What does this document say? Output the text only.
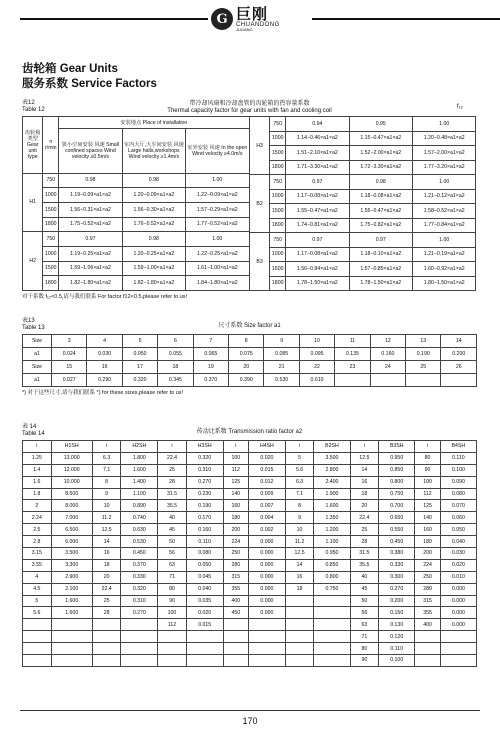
G 巨刚
CHUANDONG
JUGANG
齿轮箱 Gear Units
服务系数 Service Factors
表12
Table 12
带冷却风扇和冷却盘管的齿轮箱的热容量系数
Thermal capacity factor for gear units with fan and cooling coil
f₁₂
齿轮箱类型 Gear unit type	n r/min	安装地点 Place of installation		
		狭小空间安装 风速 Small confined spaces Wind velocity ≥0.5m/s	室内大厅,大车间安装 风速 Large halls,workshops Wind velocity ≥1.4m/s	室外安装 风速 In the open Wind velocity ≥4.0m/s
H1	750	0.98	0.98	1.00
	1000	1.19−0.09×a1×a2	1.20−0.09×a1×a2	1.22−0.09×a1×a2
	1500	1.56−0.31×a1×a2	1.56−0.30×a1×a2	1.57−0.29×a1×a2
	1800	1.75−0.52×a1×a2	1.76−0.52×a1×a2	1.77−0.52×a1×a2
H2	750	0.97	0.98	1.00
	1000	1.19−0.25×a1×a2	1.20−0.25×a1×a2	1.22−0.25×a1×a2
	1500	1.59−1.06×a1×a2	1.59−1.00×a1×a2	1.61−1.00×a1×a2
	1800	1.82−1.80×a1×a2	1.82−1.80×a1×a2	1.84−1.80×a1×a2
H3	750	0.94	0.95	1.00
	1000	1.14−0.46×a1×a2	1.15−0.47×a1×a2	1.20−0.48×a1×a2
	1500	1.51−2.10×a1×a2	1.52−2.00×a1×a2	1.57−2.00×a1×a2
	1800	1.71−3.30×a1×a2	1.72−3.30×a1×a2	1.77−3.20×a1×a2
B2	750	0.97	0.98	1.00
	1000	1.17−0.08×a1×a2	1.18−0.08×a1×a2	1.21−0.12×a1×a2
	1500	1.55−0.47×a1×a2	1.55−0.47×a1×a2	1.58−0.52×a1×a2
	1800	1.74−0.81×a1×a2	1.75−0.82×a1×a2	1.77−0.84×a1×a2
B3	750	0.97	0.97	1.00
	1000	1.17−0.08×a1×a2	1.18−0.10×a1×a2	1.21−0.19×a1×a2
	1500	1.56−0.84×a1×a2	1.57−0.85×a1×a2	1.60−0.92×a1×a2
	1800	1.78−1.50×a1×a2	1.78−1.50×a1×a2	1.80−1.50×a1×a2
对于系数 f₁₂<0.5,请与我们联系 For factor f12<0.5,please refer to us!
表13
Table 13	尺寸系数 Size factor a1
Size	3	4	5	6	7	8	9	10	11	12	13	14
a1	0.024	0.030	0.050	0.055	0.065	0.075	0.085	0.095	0.135	0.160	0.190	0.200
Size	15	16	17	18	19	20	21	22	23	24	25	26
a1	0.027	0.290	0.320	0.345	0.370	0.390	0.530	0.610				
*) 对于这些尺寸,请与我们联系 *) for these sizes,please refer to us!
表 14
Table 14	传动比系数 Transmission ratio factor a2
i	H1SH	i	H2SH	i	H3SH	i	H4SH	i	B2SH	i	B3SH	i	B4SH
1.25	13.000	6.3	1.800	22.4	0.320	100	0.020	5	3.500	12.5	0.950	80	0.110
1.4	12.000	7.1	1.600	25	0.310	112	0.015	5.6	2.800	14	0.850	90	0.100
1.6	10.000	8	1.400	28	0.270	125	0.012	6.3	2.400	16	0.800	100	0.090
1.8	8.500	9	1.100	31.5	0.230	140	0.009	7.1	1.900	18	0.750	112	0.080
2	8.000	10	0.890	35.5	0.190	160	0.007	8	1.600	20	0.700	125	0.070
2.24	7.000	11.2	0.740	40	0.170	180	0.004	9	1.350	22.4	0.650	140	0.060
2.5	6.500	12.5	0.630	45	0.160	200	0.002	10	1.200	25	0.550	160	0.050
2.8	6.000	14	0.530	50	0.110	224	0.000	11.2	1.100	28	0.450	180	0.040
3.15	3.500	16	0.450	56	0.080	250	0.000	12.5	0.950	31.5	0.380	200	0.030
3.55	3.300	18	0.370	63	0.050	280	0.000	14	0.850	35.5	0.330	224	0.020
4	2.900	20	0.330	71	0.045	315	0.000	16	0.800	40	0.300	250	0.010
4.5	2.100	22.4	0.320	80	0.040	355	0.000	18	0.750	45	0.270	280	0.000
5	1.600	25	0.310	90	0.035	400	0.000			50	0.200	315	0.000
5.6	1.600	28	0.270	100	0.020	450	0.000			56	0.150	355	0.000
				112	0.015					63	0.130	400	0.000
										71	0.120		
										80	0.110		
										90	0.100		
170
